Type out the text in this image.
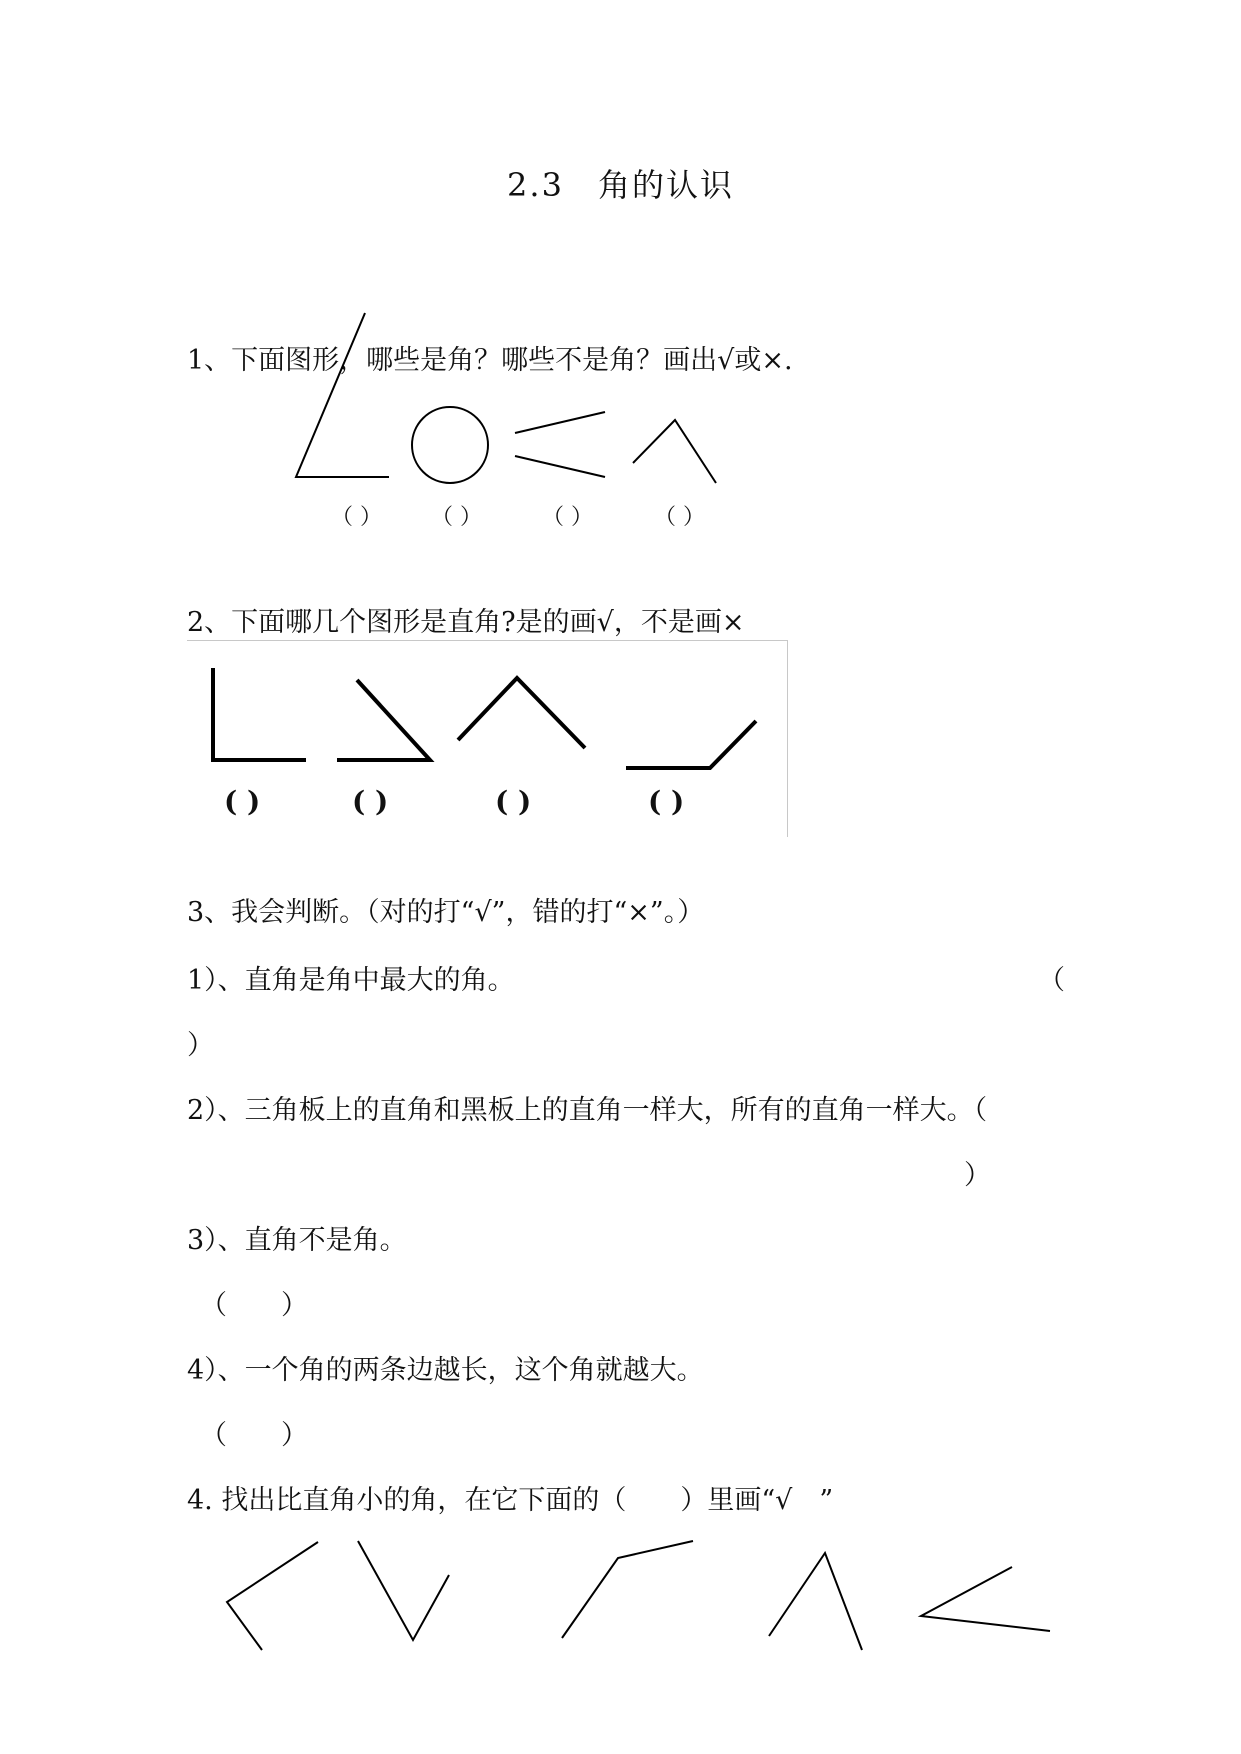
2.3　角的认识
1、下面图形，哪些是角？哪些不是角？画出√或×.
（ ） （ ）	（ ）	（ ）
2、下面哪几个图形是直角?是的画√，不是画×
( )	( )	( )	( )
3、我会判断。（对的打“√”，错的打“×”。）
1）、直角是角中最大的角。	（
）
2）、三角板上的直角和黑板上的直角一样大，所有的直角一样大。（
）
3）、直角不是角。
（　　）
4）、一个角的两条边越长，这个角就越大。
（　　）
4. 找出比直角小的角，在它下面的（　　）里画“√　”
